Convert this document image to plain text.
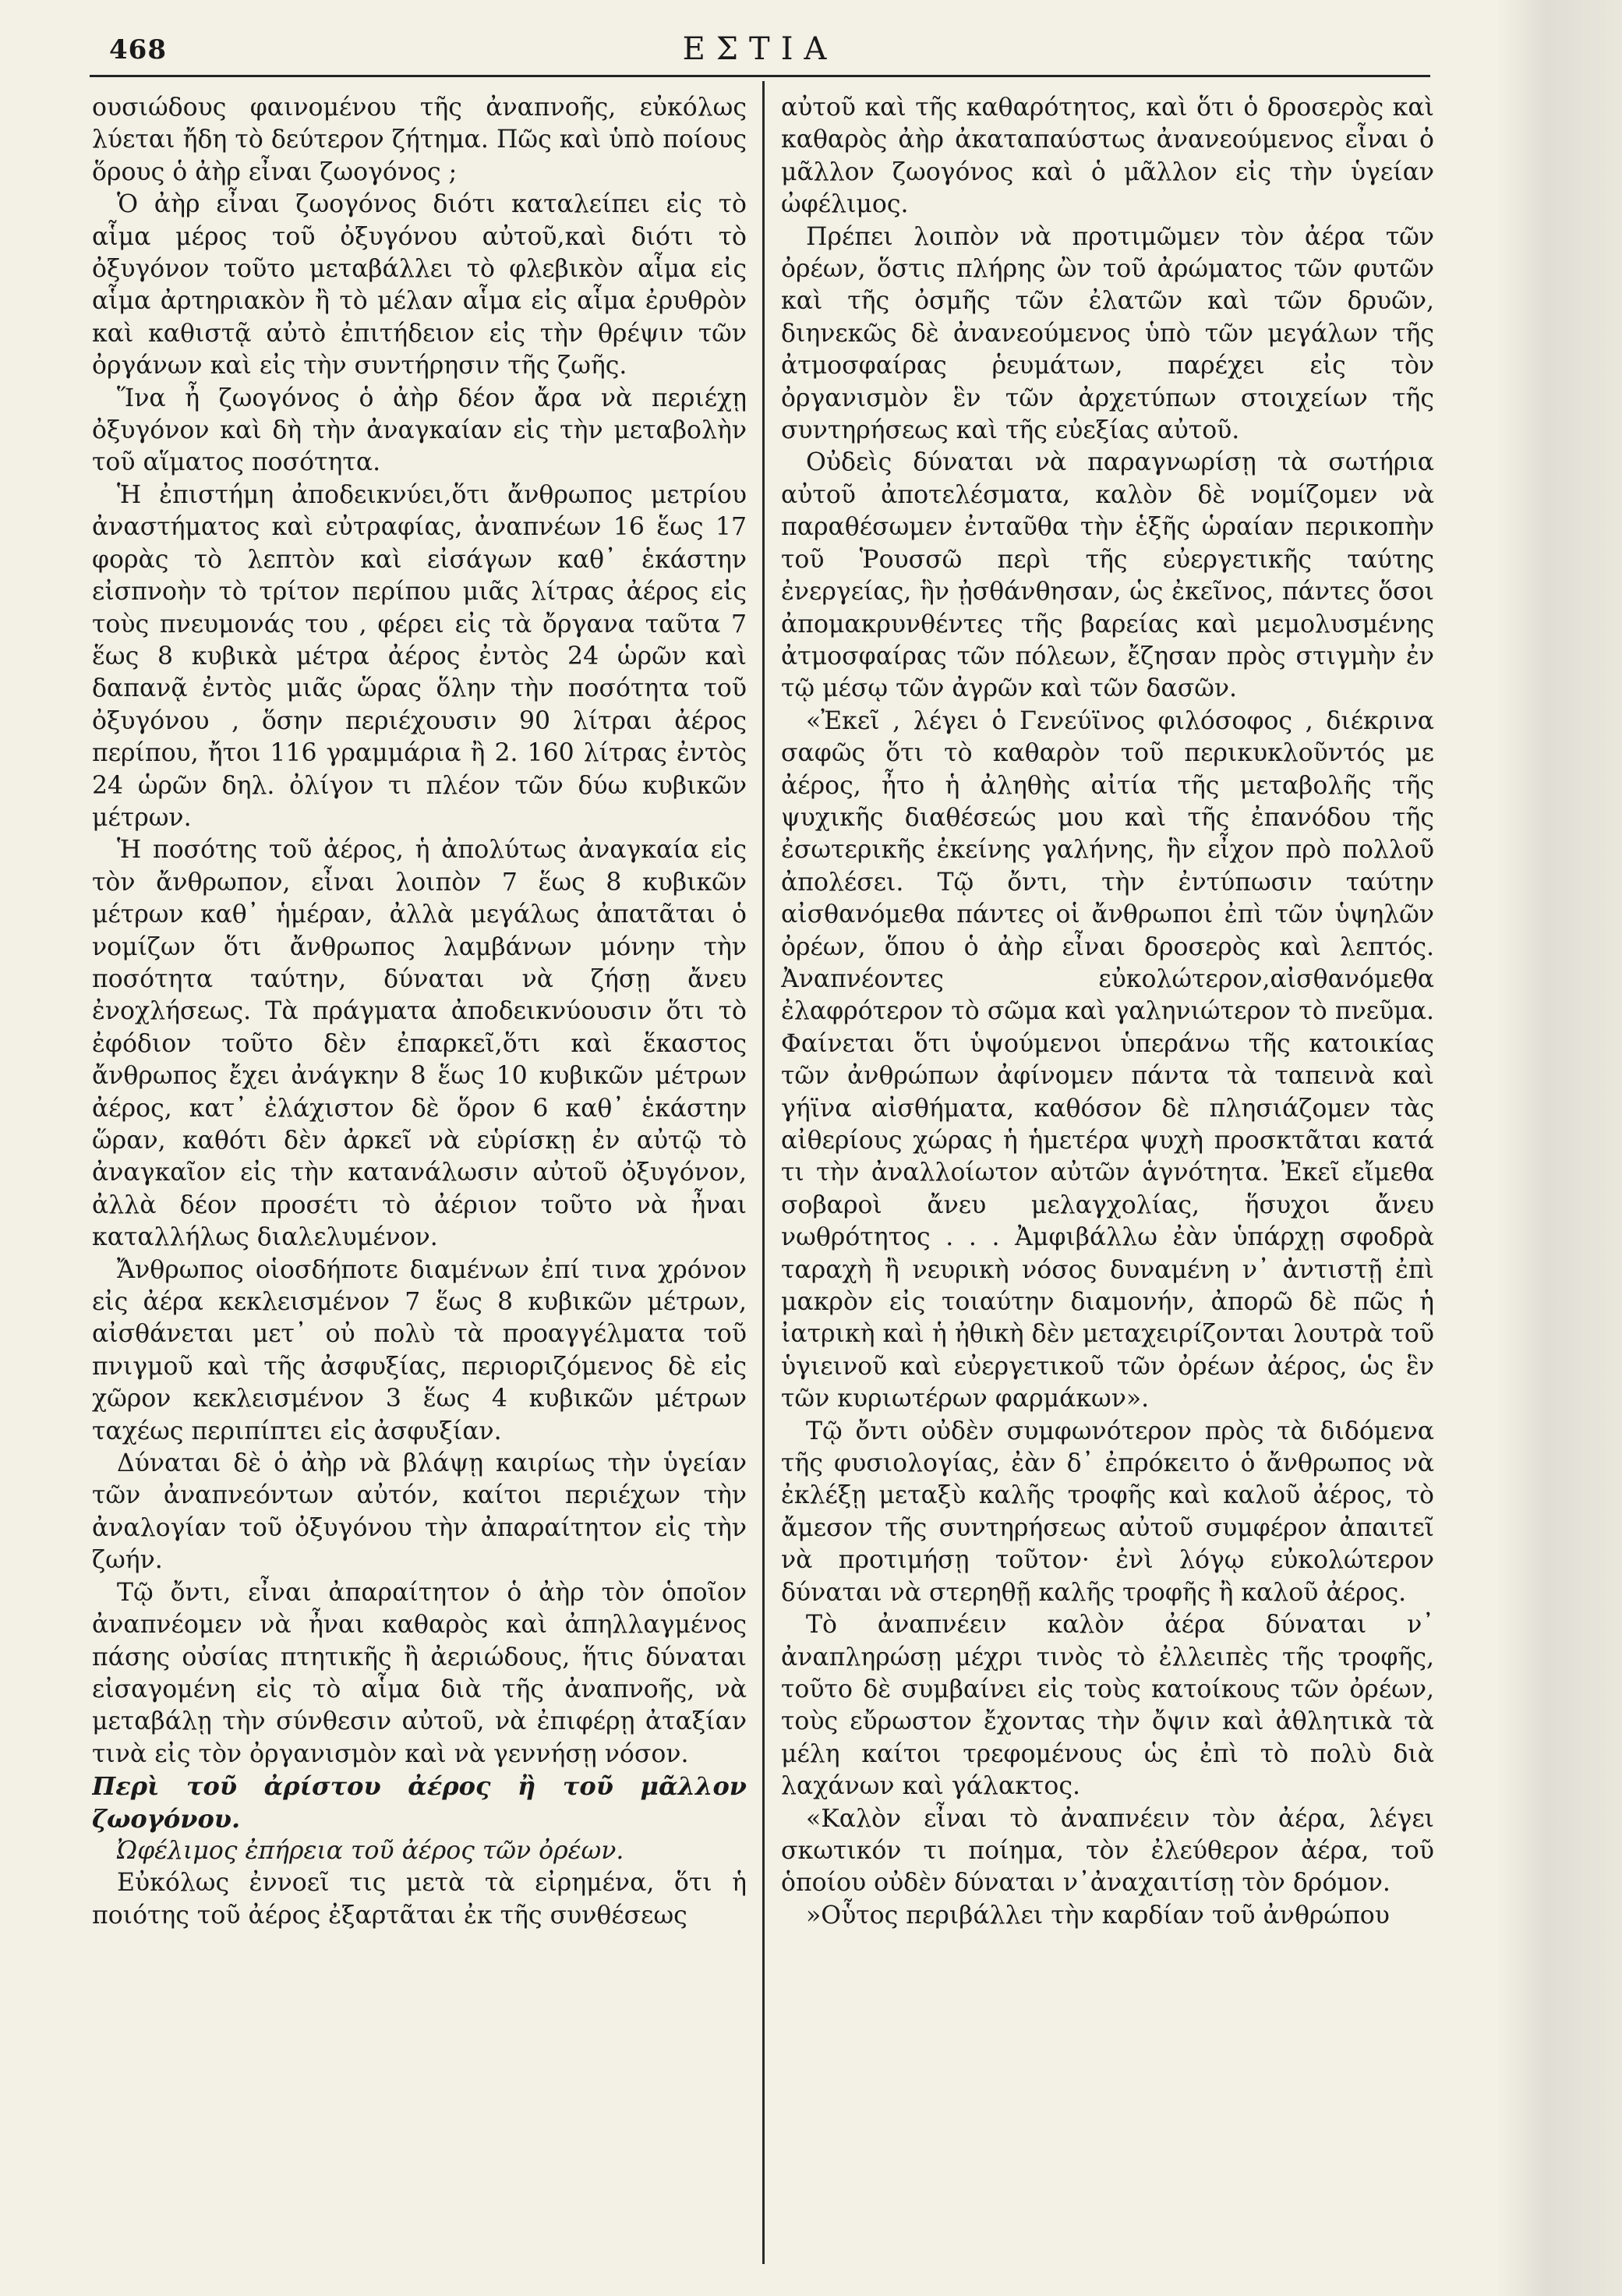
468	ΕΣΤΙΑ

ουσιώδους φαινομένου τῆς ἀναπνοῆς, εὐκόλως λύεται ἤδη τὸ δεύτερον ζήτημα. Πῶς καὶ ὑπὸ ποίους ὅρους ὁ ἀὴρ εἶναι ζωογόνος ;

Ὁ ἀὴρ εἶναι ζωογόνος διότι καταλείπει εἰς τὸ αἷμα μέρος τοῦ ὀξυγόνου αὐτοῦ,καὶ διότι τὸ ὀξυγόνον τοῦτο μεταβάλλει τὸ φλεβικὸν αἷμα εἰς αἷμα ἀρτηριακὸν ἢ τὸ μέλαν αἷμα εἰς αἷμα ἐρυθρὸν καὶ καθιστᾷ αὐτὸ ἐπιτήδειον εἰς τὴν θρέψιν τῶν ὀργάνων καὶ εἰς τὴν συντήρησιν τῆς ζωῆς.

Ἵνα ἦ ζωογόνος ὁ ἀὴρ δέον ἄρα νὰ περιέχῃ ὀξυγόνον καὶ δὴ τὴν ἀναγκαίαν εἰς τὴν μεταβολὴν τοῦ αἵματος ποσότητα.

Ἡ ἐπιστήμη ἀποδεικνύει,ὅτι ἄνθρωπος μετρίου ἀναστήματος καὶ εὐτραφίας, ἀναπνέων 16 ἕως 17 φορὰς τὸ λεπτὸν καὶ εἰσάγων καθ᾽ ἑκάστην εἰσπνοὴν τὸ τρίτον περίπου μιᾶς λίτρας ἀέρος εἰς τοὺς πνευμονάς του , φέρει εἰς τὰ ὄργανα ταῦτα 7 ἕως 8 κυβικὰ μέτρα ἀέρος ἐντὸς 24 ὡρῶν καὶ δαπανᾷ ἐντὸς μιᾶς ὥρας ὅλην τὴν ποσότητα τοῦ ὀξυγόνου , ὅσην περιέχουσιν 90 λίτραι ἀέρος περίπου, ἤτοι 116 γραμμάρια ἢ 2. 160 λίτρας ἐντὸς 24 ὡρῶν δηλ. ὀλίγον τι πλέον τῶν δύω κυβικῶν μέτρων.

Ἡ ποσότης τοῦ ἀέρος, ἡ ἀπολύτως ἀναγκαία εἰς τὸν ἄνθρωπον, εἶναι λοιπὸν 7 ἕως 8 κυβικῶν μέτρων καθ᾽ ἡμέραν, ἀλλὰ μεγάλως ἀπατᾶται ὁ νομίζων ὅτι ἄνθρωπος λαμβάνων μόνην τὴν ποσότητα ταύτην, δύναται νὰ ζήσῃ ἄνευ ἐνοχλήσεως. Τὰ πράγματα ἀποδεικνύουσιν ὅτι τὸ ἐφόδιον τοῦτο δὲν ἐπαρκεῖ,ὅτι καὶ ἕκαστος ἄνθρωπος ἔχει ἀνάγκην 8 ἕως 10 κυβικῶν μέτρων ἀέρος, κατ᾽ ἐλάχιστον δὲ ὅρον 6 καθ᾽ ἑκάστην ὥραν, καθότι δὲν ἀρκεῖ νὰ εὑρίσκῃ ἐν αὐτῷ τὸ ἀναγκαῖον εἰς τὴν κατανάλωσιν αὐτοῦ ὀξυγόνον, ἀλλὰ δέον προσέτι τὸ ἀέριον τοῦτο νὰ ἦναι καταλλήλως διαλελυμένον.

Ἄνθρωπος οἱοσδήποτε διαμένων ἐπί τινα χρόνον εἰς ἀέρα κεκλεισμένον 7 ἕως 8 κυβικῶν μέτρων, αἰσθάνεται μετ᾽ οὐ πολὺ τὰ προαγγέλματα τοῦ πνιγμοῦ καὶ τῆς ἀσφυξίας, περιοριζόμενος δὲ εἰς χῶρον κεκλεισμένον 3 ἕως 4 κυβικῶν μέτρων ταχέως περιπίπτει εἰς ἀσφυξίαν.

Δύναται δὲ ὁ ἀὴρ νὰ βλάψῃ καιρίως τὴν ὑγείαν τῶν ἀναπνεόντων αὐτόν, καίτοι περιέχων τὴν ἀναλογίαν τοῦ ὀξυγόνου τὴν ἀπαραίτητον εἰς τὴν ζωήν.

Τῷ ὄντι, εἶναι ἀπαραίτητον ὁ ἀὴρ τὸν ὁποῖον ἀναπνέομεν νὰ ἦναι καθαρὸς καὶ ἀπηλλαγμένος πάσης οὐσίας πτητικῆς ἢ ἀεριώδους, ἥτις δύναται εἰσαγομένη εἰς τὸ αἷμα διὰ τῆς ἀναπνοῆς, νὰ μεταβάλῃ τὴν σύνθεσιν αὐτοῦ, νὰ ἐπιφέρῃ ἀταξίαν τινὰ εἰς τὸν ὀργανισμὸν καὶ νὰ γεννήσῃ νόσον.

Περὶ τοῦ ἀρίστου ἀέρος ἢ τοῦ μᾶλλον ζωογόνου.

Ὠφέλιμος ἐπήρεια τοῦ ἀέρος τῶν ὀρέων.

Εὐκόλως ἐννοεῖ τις μετὰ τὰ εἰρημένα, ὅτι ἡ ποιότης τοῦ ἀέρος ἐξαρτᾶται ἐκ τῆς συνθέσεως

αὐτοῦ καὶ τῆς καθαρότητος, καὶ ὅτι ὁ δροσερὸς καὶ καθαρὸς ἀὴρ ἀκαταπαύστως ἀνανεούμενος εἶναι ὁ μᾶλλον ζωογόνος καὶ ὁ μᾶλλον εἰς τὴν ὑγείαν ὠφέλιμος.

Πρέπει λοιπὸν νὰ προτιμῶμεν τὸν ἀέρα τῶν ὀρέων, ὅστις πλήρης ὢν τοῦ ἀρώματος τῶν φυτῶν καὶ τῆς ὀσμῆς τῶν ἐλατῶν καὶ τῶν δρυῶν, διηνεκῶς δὲ ἀνανεούμενος ὑπὸ τῶν μεγάλων τῆς ἀτμοσφαίρας ῥευμάτων, παρέχει εἰς τὸν ὀργανισμὸν ἓν τῶν ἀρχετύπων στοιχείων τῆς συντηρήσεως καὶ τῆς εὐεξίας αὐτοῦ.

Οὐδεὶς δύναται νὰ παραγνωρίσῃ τὰ σωτήρια αὐτοῦ ἀποτελέσματα, καλὸν δὲ νομίζομεν νὰ παραθέσωμεν ἐνταῦθα τὴν ἑξῆς ὡραίαν περικοπὴν τοῦ Ῥουσσῶ περὶ τῆς εὐεργετικῆς ταύτης ἐνεργείας, ἣν ᾐσθάνθησαν, ὡς ἐκεῖνος, πάντες ὅσοι ἀπομακρυνθέντες τῆς βαρείας καὶ μεμολυσμένης ἀτμοσφαίρας τῶν πόλεων, ἔζησαν πρὸς στιγμὴν ἐν τῷ μέσῳ τῶν ἀγρῶν καὶ τῶν δασῶν.

«Ἐκεῖ , λέγει ὁ Γενεύϊνος φιλόσοφος , διέκρινα σαφῶς ὅτι τὸ καθαρὸν τοῦ περικυκλοῦντός με ἀέρος, ἦτο ἡ ἀληθὴς αἰτία τῆς μεταβολῆς τῆς ψυχικῆς διαθέσεώς μου καὶ τῆς ἐπανόδου τῆς ἐσωτερικῆς ἐκείνης γαλήνης, ἣν εἶχον πρὸ πολλοῦ ἀπολέσει. Τῷ ὄντι, τὴν ἐντύπωσιν ταύτην αἰσθανόμεθα πάντες οἱ ἄνθρωποι ἐπὶ τῶν ὑψηλῶν ὀρέων, ὅπου ὁ ἀὴρ εἶναι δροσερὸς καὶ λεπτός. Ἀναπνέοντες εὐκολώτερον,αἰσθανόμεθα ἐλαφρότερον τὸ σῶμα καὶ γαληνιώτερον τὸ πνεῦμα. Φαίνεται ὅτι ὑψούμενοι ὑπεράνω τῆς κατοικίας τῶν ἀνθρώπων ἀφίνομεν πάντα τὰ ταπεινὰ καὶ γήϊνα αἰσθήματα, καθόσον δὲ πλησιάζομεν τὰς αἰθερίους χώρας ἡ ἡμετέρα ψυχὴ προσκτᾶται κατά τι τὴν ἀναλλοίωτον αὐτῶν ἁγνότητα. Ἐκεῖ εἴμεθα σοβαροὶ ἄνευ μελαγχολίας, ἥσυχοι ἄνευ νωθρότητος . . . Ἀμφιβάλλω ἐὰν ὑπάρχῃ σφοδρὰ ταραχὴ ἢ νευρικὴ νόσος δυναμένη ν᾽ ἀντιστῇ ἐπὶ μακρὸν εἰς τοιαύτην διαμονήν, ἀπορῶ δὲ πῶς ἡ ἰατρικὴ καὶ ἡ ἠθικὴ δὲν μεταχειρίζονται λουτρὰ τοῦ ὑγιεινοῦ καὶ εὐεργετικοῦ τῶν ὀρέων ἀέρος, ὡς ἓν τῶν κυριωτέρων φαρμάκων».

Τῷ ὄντι οὐδὲν συμφωνότερον πρὸς τὰ διδόμενα τῆς φυσιολογίας, ἐὰν δ᾽ ἐπρόκειτο ὁ ἄνθρωπος νὰ ἐκλέξῃ μεταξὺ καλῆς τροφῆς καὶ καλοῦ ἀέρος, τὸ ἄμεσον τῆς συντηρήσεως αὐτοῦ συμφέρον ἀπαιτεῖ νὰ προτιμήσῃ τοῦτον· ἐνὶ λόγῳ εὐκολώτερον δύναται νὰ στερηθῇ καλῆς τροφῆς ἢ καλοῦ ἀέρος.

Τὸ ἀναπνέειν καλὸν ἀέρα δύναται ν᾽ ἀναπληρώσῃ μέχρι τινὸς τὸ ἐλλειπὲς τῆς τροφῆς, τοῦτο δὲ συμβαίνει εἰς τοὺς κατοίκους τῶν ὀρέων, τοὺς εὔρωστον ἔχοντας τὴν ὄψιν καὶ ἀθλητικὰ τὰ μέλη καίτοι τρεφομένους ὡς ἐπὶ τὸ πολὺ διὰ λαχάνων καὶ γάλακτος.

«Καλὸν εἶναι τὸ ἀναπνέειν τὸν ἀέρα, λέγει σκωτικόν τι ποίημα, τὸν ἐλεύθερον ἀέρα, τοῦ ὁποίου οὐδὲν δύναται ν᾽ἀναχαιτίσῃ τὸν δρόμον.

»Οὗτος περιβάλλει τὴν καρδίαν τοῦ ἀνθρώπου
